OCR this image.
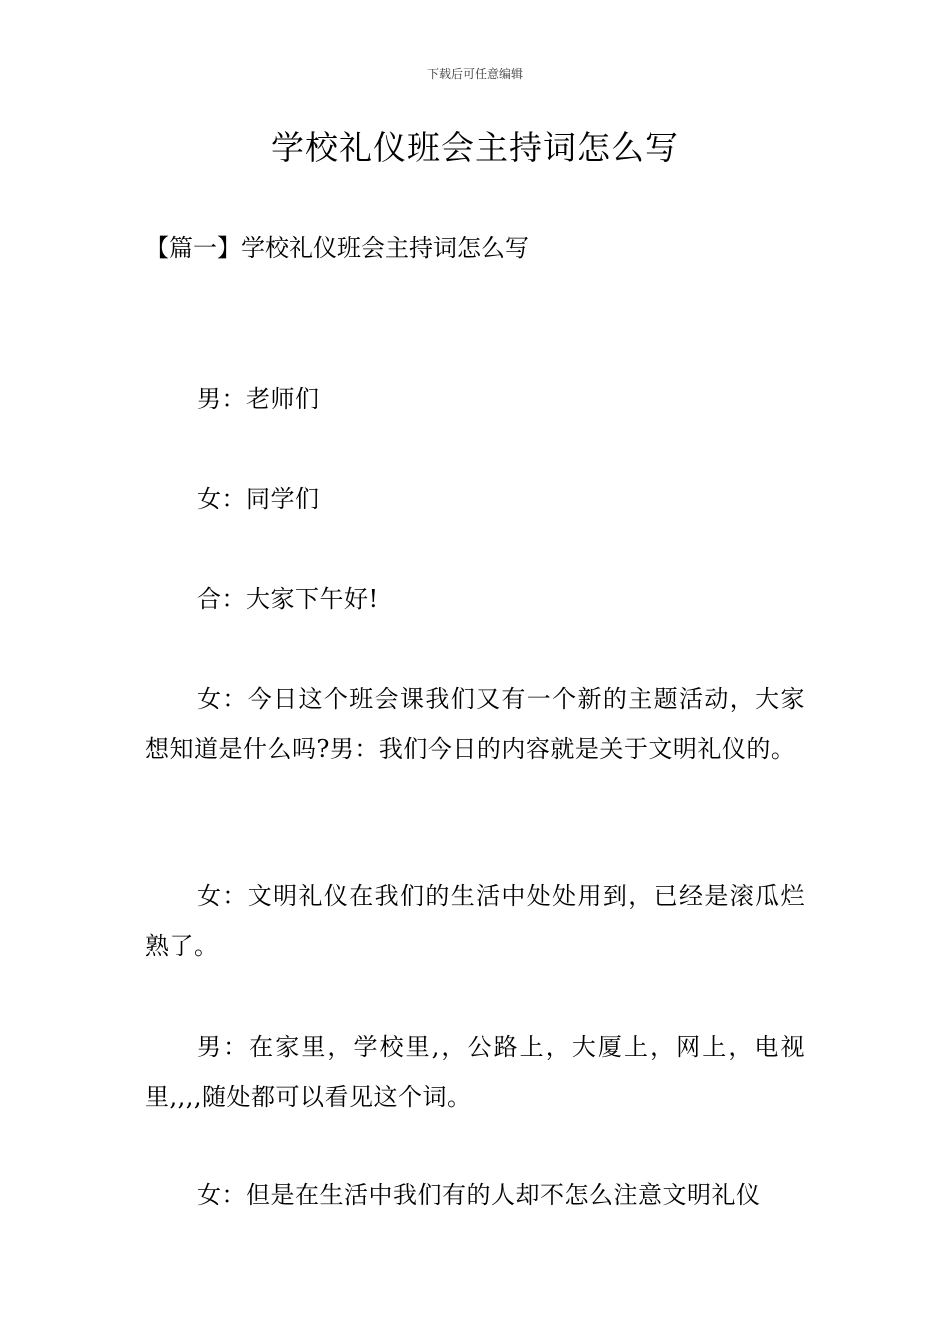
下载后可任意编辑
学校礼仪班会主持词怎么写
【篇一】学校礼仪班会主持词怎么写

男：老师们

女：同学们

合：大家下午好!

女：今日这个班会课我们又有一个新的主题活动，大家想知道是什么吗?男：我们今日的内容就是关于文明礼仪的。

女：文明礼仪在我们的生活中处处用到，已经是滚瓜烂熟了。

男：在家里，学校里,，公路上，大厦上，网上，电视里,,,,随处都可以看见这个词。

女：但是在生活中我们有的人却不怎么注意文明礼仪
